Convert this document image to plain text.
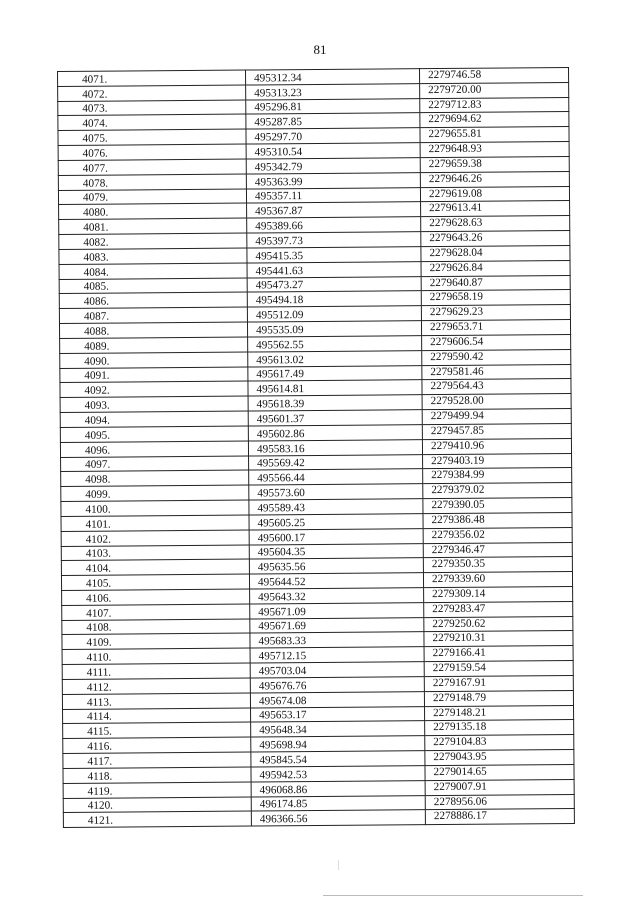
81
4071.	495312.34	2279746.58
4072.	495313.23	2279720.00
4073.	495296.81	2279712.83
4074.	495287.85	2279694.62
4075.	495297.70	2279655.81
4076.	495310.54	2279648.93
4077.	495342.79	2279659.38
4078.	495363.99	2279646.26
4079.	495357.11	2279619.08
4080.	495367.87	2279613.41
4081.	495389.66	2279628.63
4082.	495397.73	2279643.26
4083.	495415.35	2279628.04
4084.	495441.63	2279626.84
4085.	495473.27	2279640.87
4086.	495494.18	2279658.19
4087.	495512.09	2279629.23
4088.	495535.09	2279653.71
4089.	495562.55	2279606.54
4090.	495613.02	2279590.42
4091.	495617.49	2279581.46
4092.	495614.81	2279564.43
4093.	495618.39	2279528.00
4094.	495601.37	2279499.94
4095.	495602.86	2279457.85
4096.	495583.16	2279410.96
4097.	495569.42	2279403.19
4098.	495566.44	2279384.99
4099.	495573.60	2279379.02
4100.	495589.43	2279390.05
4101.	495605.25	2279386.48
4102.	495600.17	2279356.02
4103.	495604.35	2279346.47
4104.	495635.56	2279350.35
4105.	495644.52	2279339.60
4106.	495643.32	2279309.14
4107.	495671.09	2279283.47
4108.	495671.69	2279250.62
4109.	495683.33	2279210.31
4110.	495712.15	2279166.41
4111.	495703.04	2279159.54
4112.	495676.76	2279167.91
4113.	495674.08	2279148.79
4114.	495653.17	2279148.21
4115.	495648.34	2279135.18
4116.	495698.94	2279104.83
4117.	495845.54	2279043.95
4118.	495942.53	2279014.65
4119.	496068.86	2279007.91
4120.	496174.85	2278956.06
4121.	496366.56	2278886.17
